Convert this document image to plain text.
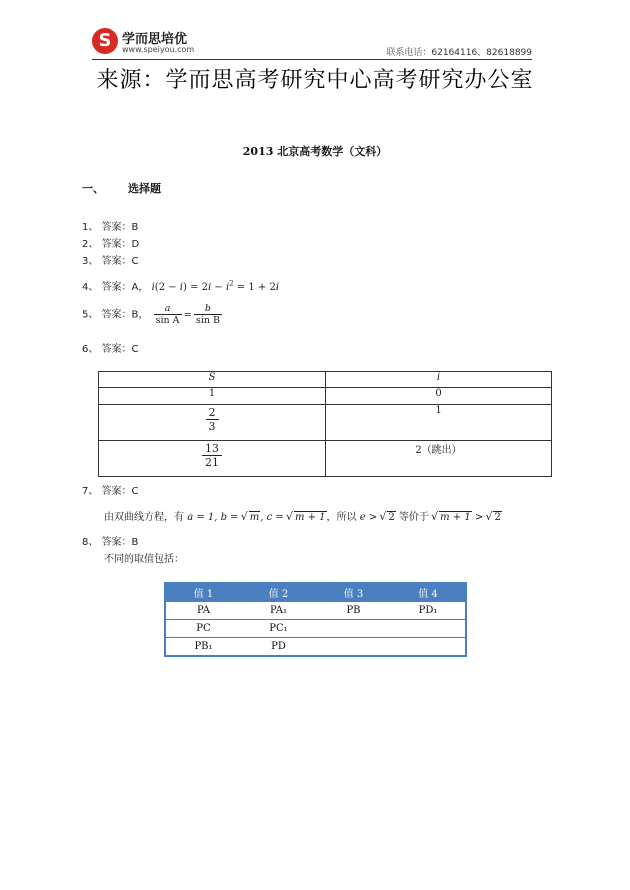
S 学而思培优
www.speiyou.com	联系电话：62164116、82618899
来源：学而思高考研究中心高考研究办公室
2013 北京高考数学（文科）
一、 选择题
1、 答案：B
2、 答案：D
3、 答案：C
4、 答案：A， $i(2 - i) = 2i - i^2 = 1 + 2i$
5、 答案：B， $\frac{a}{\text{sin A}} = \frac{b}{\text{sin B}}$
6、 答案：C
S	i
1	0

$\frac{2}{3}$	1

$\frac{13}{21}$	2（跳出）
7、 答案：C
由双曲线方程，有 a = 1, b = √ m, c = √ m + 1，所以 e > √ 2 等价于 √ m + 1 > √ 2
8、 答案：B
不同的取值包括：
值 1	值 2	值 3	值 4
PA	PA₁	PB	PD₁
PC	PC₁		
PB₁	PD		
